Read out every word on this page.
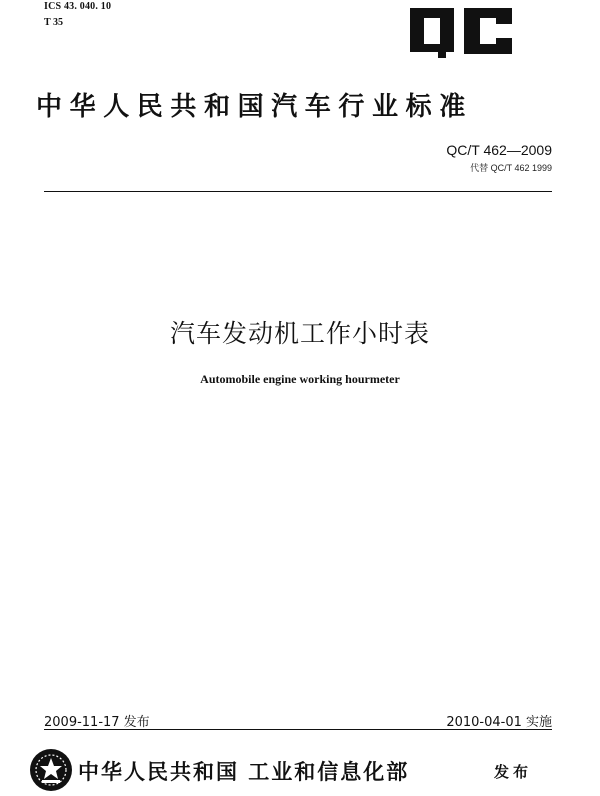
ICS 43. 040. 10
T 35
中华人民共和国汽车行业标准
QC/T 462—2009
代替 QC/T 462 1999
汽车发动机工作小时表
Automobile engine working hourmeter
2009-11-17 发布	2010-04-01 实施
中华人民共和国 工业和信息化部	发布
